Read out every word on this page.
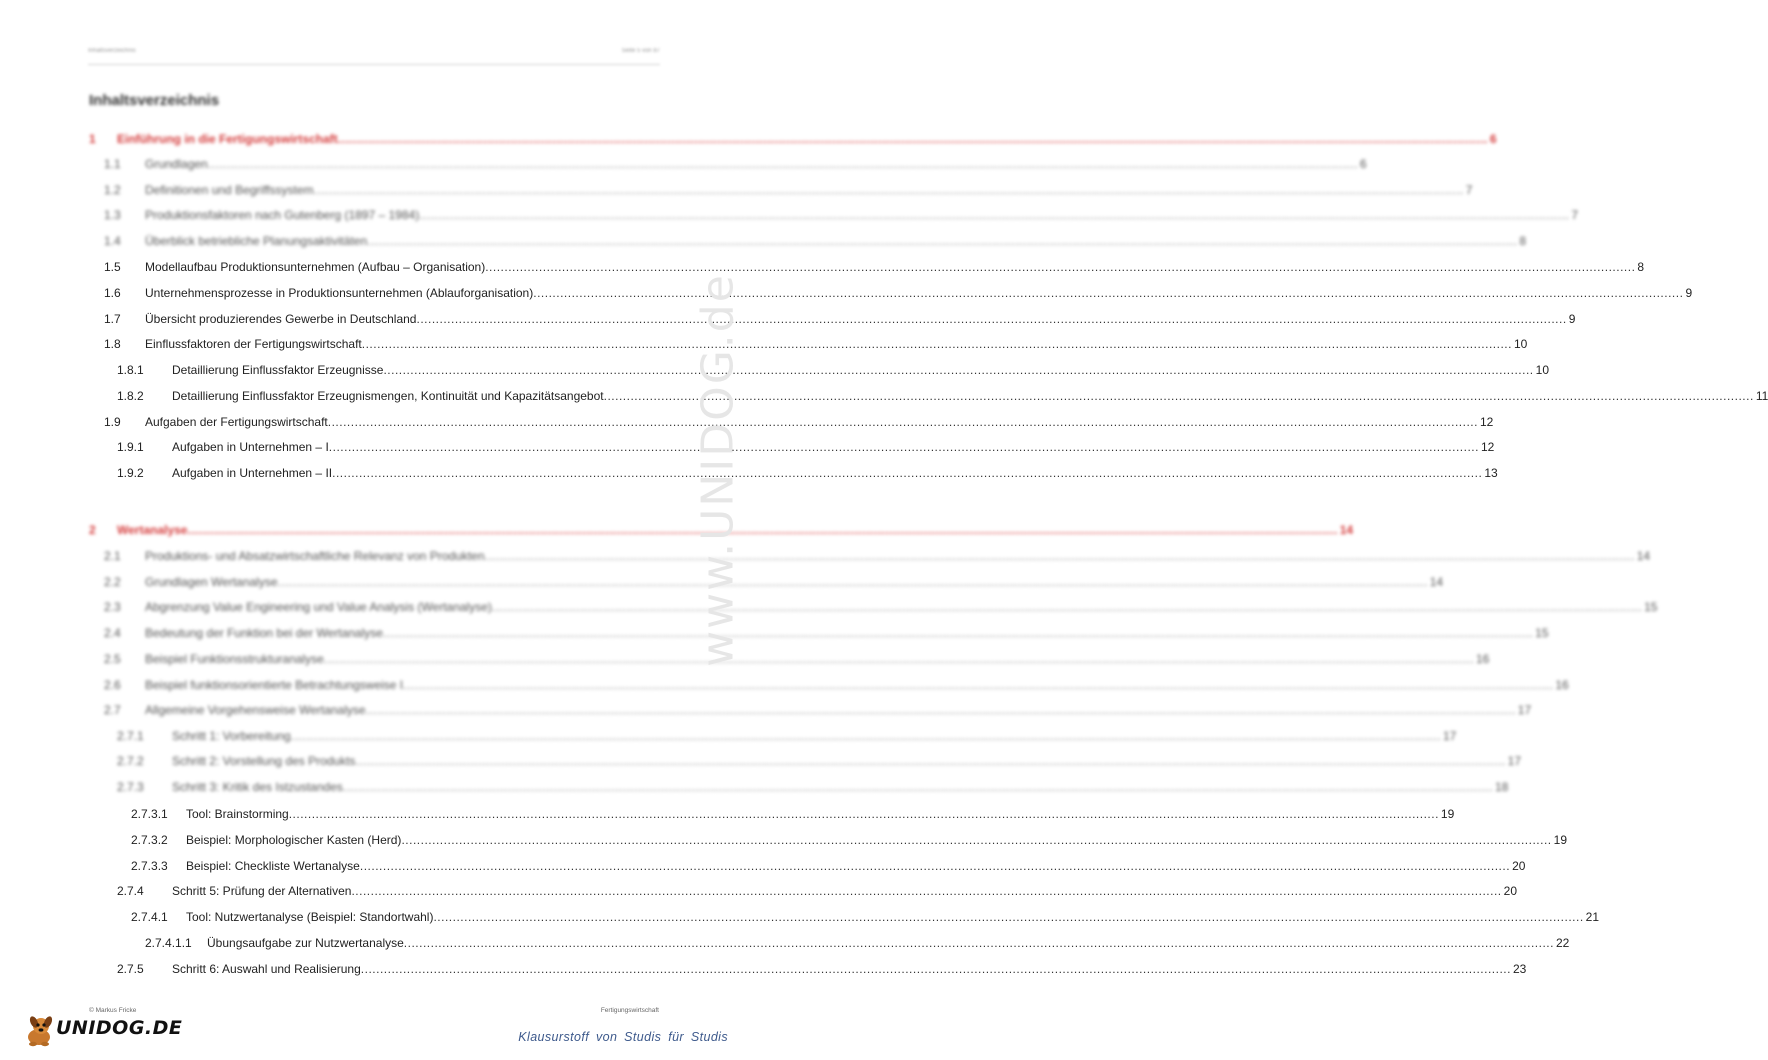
Inhaltsverzeichnis	Seite 5 von 87
Inhaltsverzeichnis
1 Einführung in die Fertigungswirtschaft ............................................................................................................................................................................................................................................................................................................ 6
1.1 Grundlagen ............................................................................................................................................................................................................................................................................................................ 6
1.2 Definitionen und Begriffssystem ............................................................................................................................................................................................................................................................................................................ 7
1.3 Produktionsfaktoren nach Gutenberg (1897 – 1984) ............................................................................................................................................................................................................................................................................................................ 7
1.4 Überblick betriebliche Planungsaktivitäten ............................................................................................................................................................................................................................................................................................................ 8
1.5 Modellaufbau Produktionsunternehmen (Aufbau – Organisation) ............................................................................................................................................................................................................................................................................................................ 8
1.6 Unternehmensprozesse in Produktionsunternehmen (Ablauforganisation) ............................................................................................................................................................................................................................................................................................................ 9
1.7 Übersicht produzierendes Gewerbe in Deutschland ............................................................................................................................................................................................................................................................................................................ 9
1.8 Einflussfaktoren der Fertigungswirtschaft ............................................................................................................................................................................................................................................................................................................ 10
1.8.1 Detaillierung Einflussfaktor Erzeugnisse ............................................................................................................................................................................................................................................................................................................ 10
1.8.2 Detaillierung Einflussfaktor Erzeugnismengen, Kontinuität und Kapazitätsangebot ............................................................................................................................................................................................................................................................................................................ 11
1.9 Aufgaben der Fertigungswirtschaft ............................................................................................................................................................................................................................................................................................................ 12
1.9.1 Aufgaben in Unternehmen – I ............................................................................................................................................................................................................................................................................................................ 12
1.9.2 Aufgaben in Unternehmen – II ............................................................................................................................................................................................................................................................................................................ 13
2 Wertanalyse ............................................................................................................................................................................................................................................................................................................ 14
2.1 Produktions- und Absatzwirtschaftliche Relevanz von Produkten ............................................................................................................................................................................................................................................................................................................ 14
2.2 Grundlagen Wertanalyse ............................................................................................................................................................................................................................................................................................................ 14
2.3 Abgrenzung Value Engineering und Value Analysis (Wertanalyse) ............................................................................................................................................................................................................................................................................................................ 15
2.4 Bedeutung der Funktion bei der Wertanalyse ............................................................................................................................................................................................................................................................................................................ 15
2.5 Beispiel Funktionsstrukturanalyse ............................................................................................................................................................................................................................................................................................................ 16
2.6 Beispiel funktionsorientierte Betrachtungsweise I ............................................................................................................................................................................................................................................................................................................ 16
2.7 Allgemeine Vorgehensweise Wertanalyse ............................................................................................................................................................................................................................................................................................................ 17
2.7.1 Schritt 1: Vorbereitung ............................................................................................................................................................................................................................................................................................................ 17
2.7.2 Schritt 2: Vorstellung des Produkts ............................................................................................................................................................................................................................................................................................................ 17
2.7.3 Schritt 3: Kritik des Istzustandes ............................................................................................................................................................................................................................................................................................................ 18
2.7.3.1 Tool: Brainstorming ............................................................................................................................................................................................................................................................................................................ 19
2.7.3.2 Beispiel: Morphologischer Kasten (Herd) ............................................................................................................................................................................................................................................................................................................ 19
2.7.3.3 Beispiel: Checkliste Wertanalyse ............................................................................................................................................................................................................................................................................................................ 20
2.7.4 Schritt 5: Prüfung der Alternativen ............................................................................................................................................................................................................................................................................................................ 20
2.7.4.1 Tool: Nutzwertanalyse (Beispiel: Standortwahl) ............................................................................................................................................................................................................................................................................................................ 21
2.7.4.1.1 Übungsaufgabe zur Nutzwertanalyse ............................................................................................................................................................................................................................................................................................................ 22
2.7.5 Schritt 6: Auswahl und Realisierung ............................................................................................................................................................................................................................................................................................................ 23
www.UNIDOG.de
© Markus Fricke	Fertigungswirtschaft
UNIDOG.DE	Klausurstoff von Studis für Studis
